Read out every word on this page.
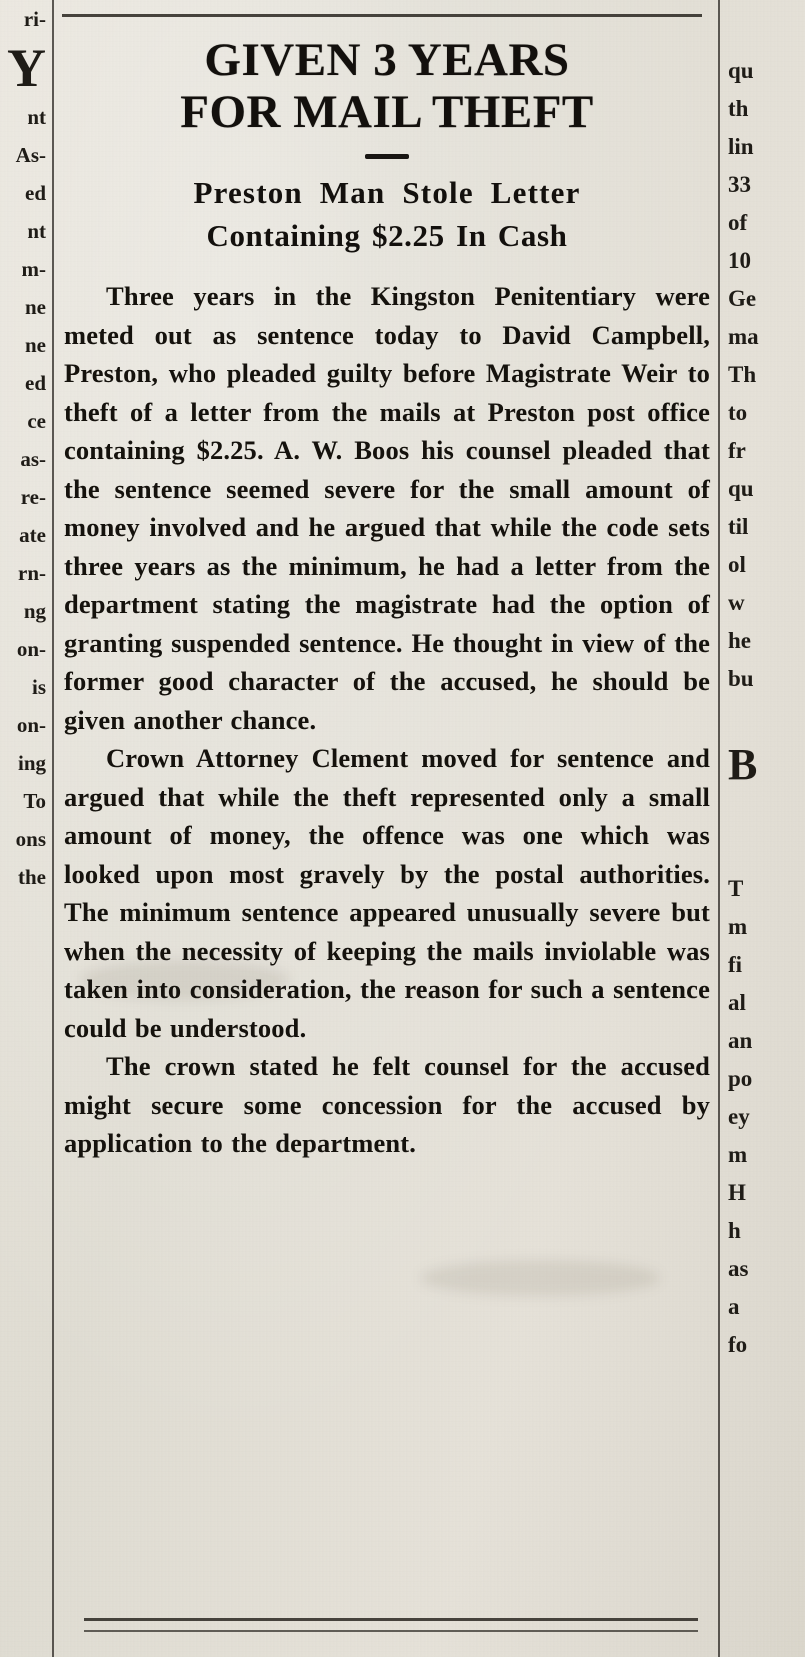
ri-
Y
nt
As-
ed
nt
m-
ne
ne
ed
ce
as-
re-
ate
rn-
ng
on-
is
on-
ing
To
ons
the
GIVEN 3 YEARS
FOR MAIL THEFT
Preston Man Stole Letter
Containing $2.25 In Cash

Three years in the Kingston Penitentiary were meted out as sentence today to David Campbell, Preston, who pleaded guilty before Magistrate Weir to theft of a letter from the mails at Preston post office containing $2.25. A. W. Boos his counsel pleaded that the sentence seemed severe for the small amount of money involved and he argued that while the code sets three years as the minimum, he had a letter from the department stating the magistrate had the option of granting suspended sentence. He thought in view of the former good character of the accused, he should be given another chance.

Crown Attorney Clement moved for sentence and argued that while the theft represented only a small amount of money, the offence was one which was looked upon most gravely by the postal authorities. The minimum sentence appeared unusually severe but when the necessity of keeping the mails inviolable was taken into consideration, the reason for such a sentence could be understood.

The crown stated he felt counsel for the accused might secure some concession for the accused by application to the department.

qu
th
lin
33
of
10
Ge
ma
Th
to
fr
qu
til
ol
w
he
bu
B
T
m
fi
al
an
po
ey
m
H
h
as
a
fo
